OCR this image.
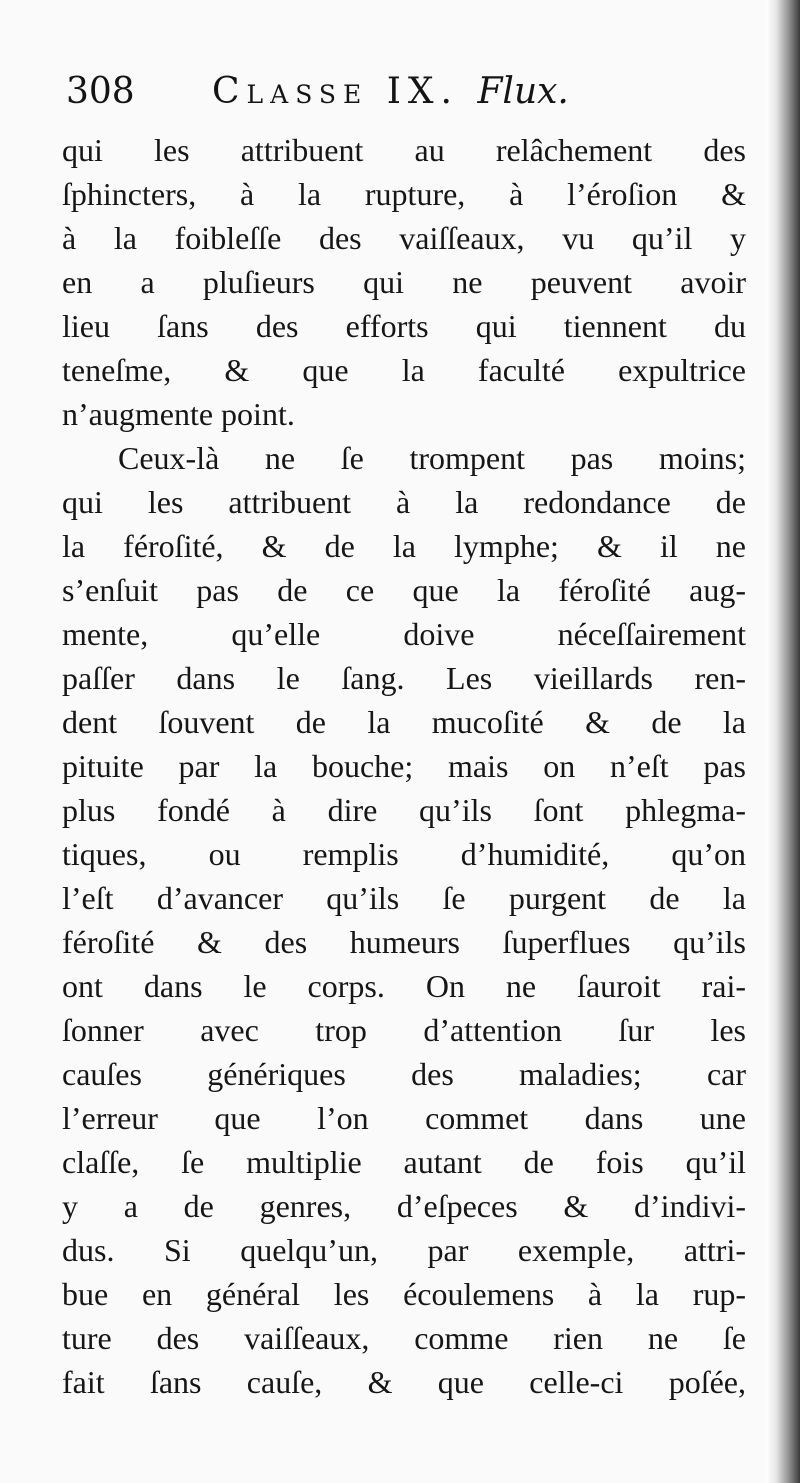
308 Classe IX. Flux.
qui les attribuent au relâchement des
ſphincters, à la rupture, à l’éroſion &
à la foibleſſe des vaiſſeaux, vu qu’il y
en a pluſieurs qui ne peuvent avoir
lieu ſans des efforts qui tiennent du
teneſme, & que la faculté expultrice
n’augmente point.
Ceux-là ne ſe trompent pas moins;
qui les attribuent à la redondance de
la féroſité, & de la lymphe; & il ne
s’enſuit pas de ce que la féroſité aug-
mente, qu’elle doive néceſſairement
paſſer dans le ſang. Les vieillards ren-
dent ſouvent de la mucoſité & de la
pituite par la bouche; mais on n’eſt pas
plus fondé à dire qu’ils ſont phlegma-
tiques, ou remplis d’humidité, qu’on
l’eſt d’avancer qu’ils ſe purgent de la
féroſité & des humeurs ſuperflues qu’ils
ont dans le corps. On ne ſauroit rai-
ſonner avec trop d’attention ſur les
cauſes génériques des maladies; car
l’erreur que l’on commet dans une
claſſe, ſe multiplie autant de fois qu’il
y a de genres, d’eſpeces & d’indivi-
dus. Si quelqu’un, par exemple, attri-
bue en général les écoulemens à la rup-
ture des vaiſſeaux, comme rien ne ſe
fait ſans cauſe, & que celle-ci poſée,
